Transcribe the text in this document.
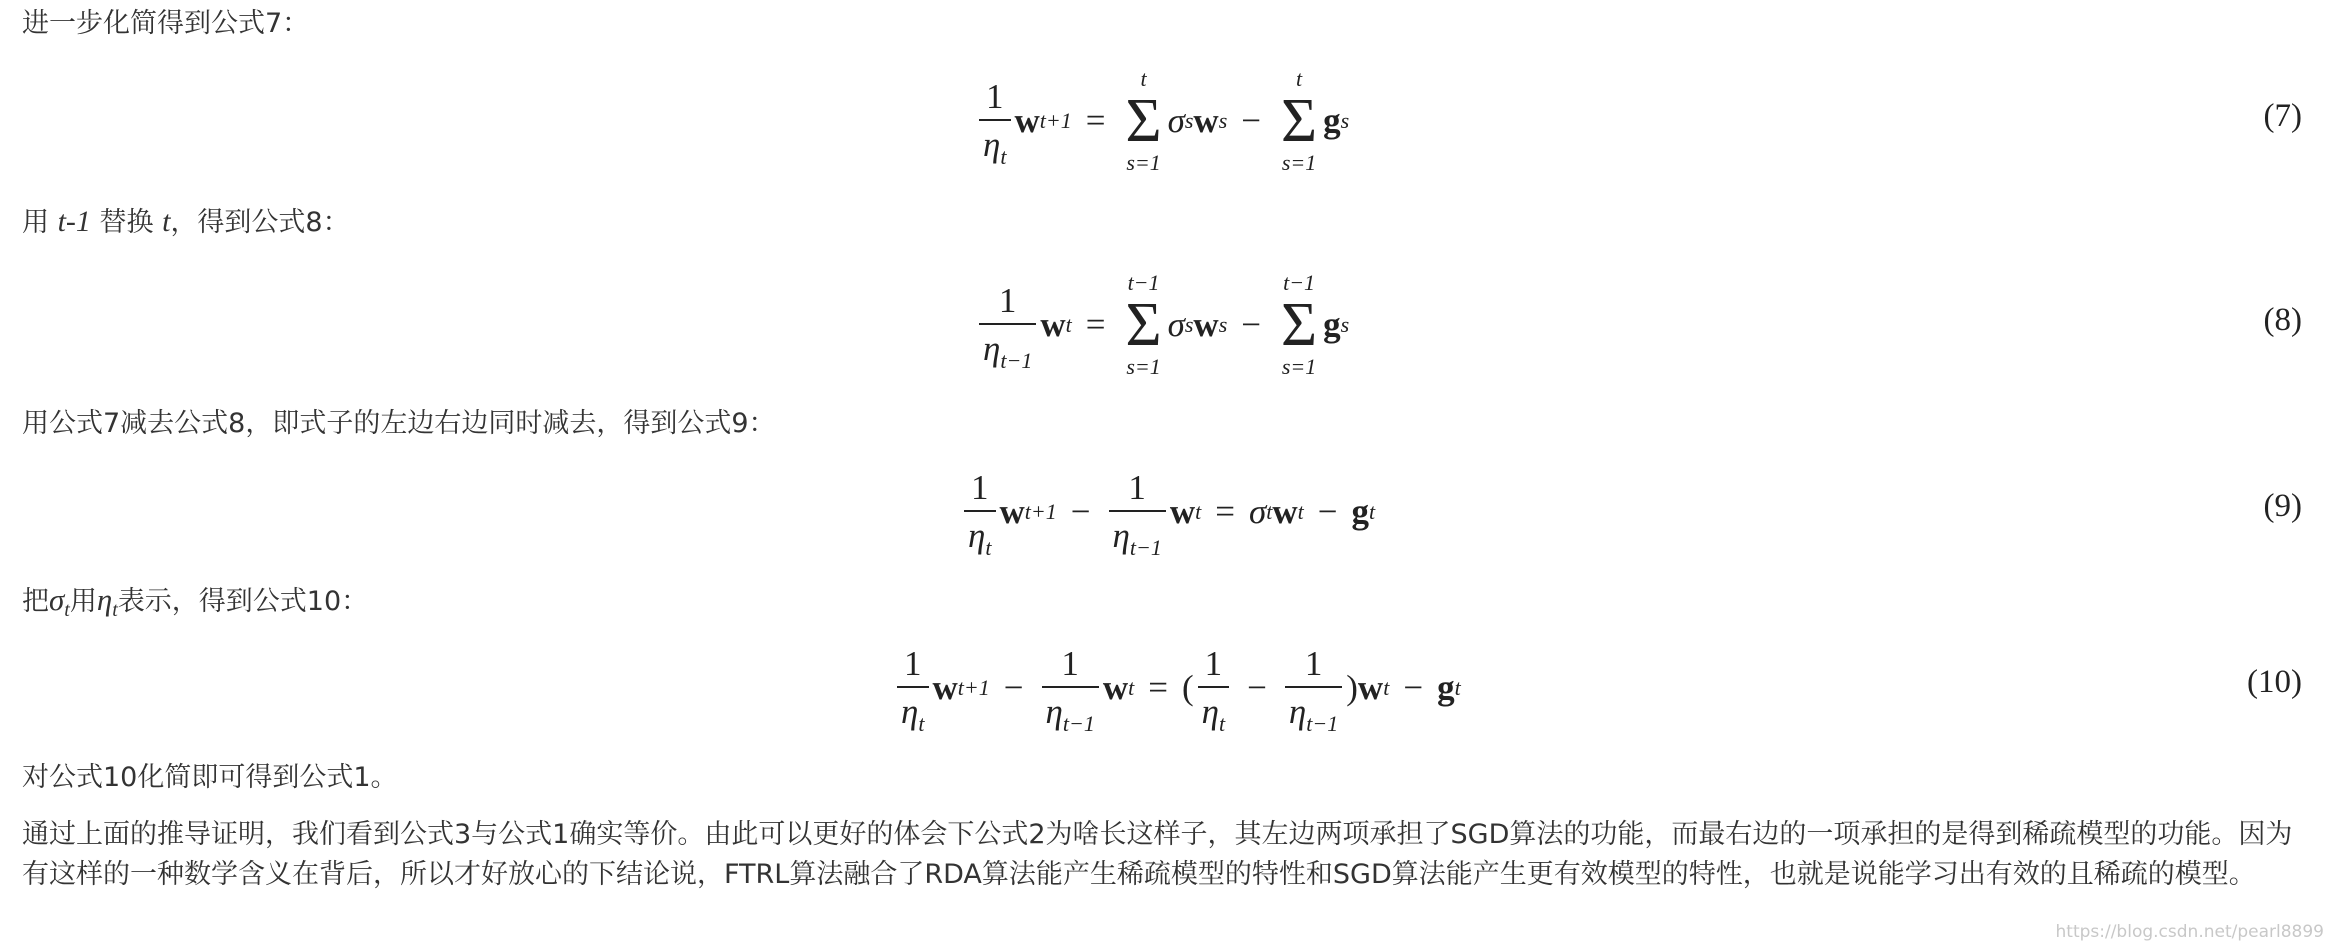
进一步化简得到公式7：

$\frac{1}{\eta_t}$ w t+1 =
t
Σ
s=1
σ s w s −
t
Σ
s=1
g s	(7)

用 t-1 替换 t，得到公式8：

$\frac{1}{\eta_{t-1}}$ w t =
t−1
Σ
s=1
σ s w s −
t−1
Σ
s=1
g s	(8)

用公式7减去公式8，即式子的左边右边同时减去，得到公式9：

$\frac{1}{\eta_t}$ w $t+1 - \frac{1}{\eta_{t-1}}$ w t = σ t w t − g t	(9)

把$\sigma_t$用$\eta_t$表示，得到公式10：

$\frac{1}{\eta_t}$ w $t+1 - \frac{1}{\eta_{t-1}}$ w t = ( $\frac{1}{\eta_t} - \frac{1}{\eta_{t-1}}$ ) w t − g t	(10)

对公式10化简即可得到公式1。

通过上面的推导证明，我们看到公式3与公式1确实等价。由此可以更好的体会下公式2为啥长这样子，其左边两项承担了SGD算法的功能，而最右边的一项承担的是得到稀疏模型的功能。因为有这样的一种数学含义在背后，所以才好放心的下结论说，FTRL算法融合了RDA算法能产生稀疏模型的特性和SGD算法能产生更有效模型的特性，也就是说能学习出有效的且稀疏的模型。

https://blog.csdn.net/pearl8899
